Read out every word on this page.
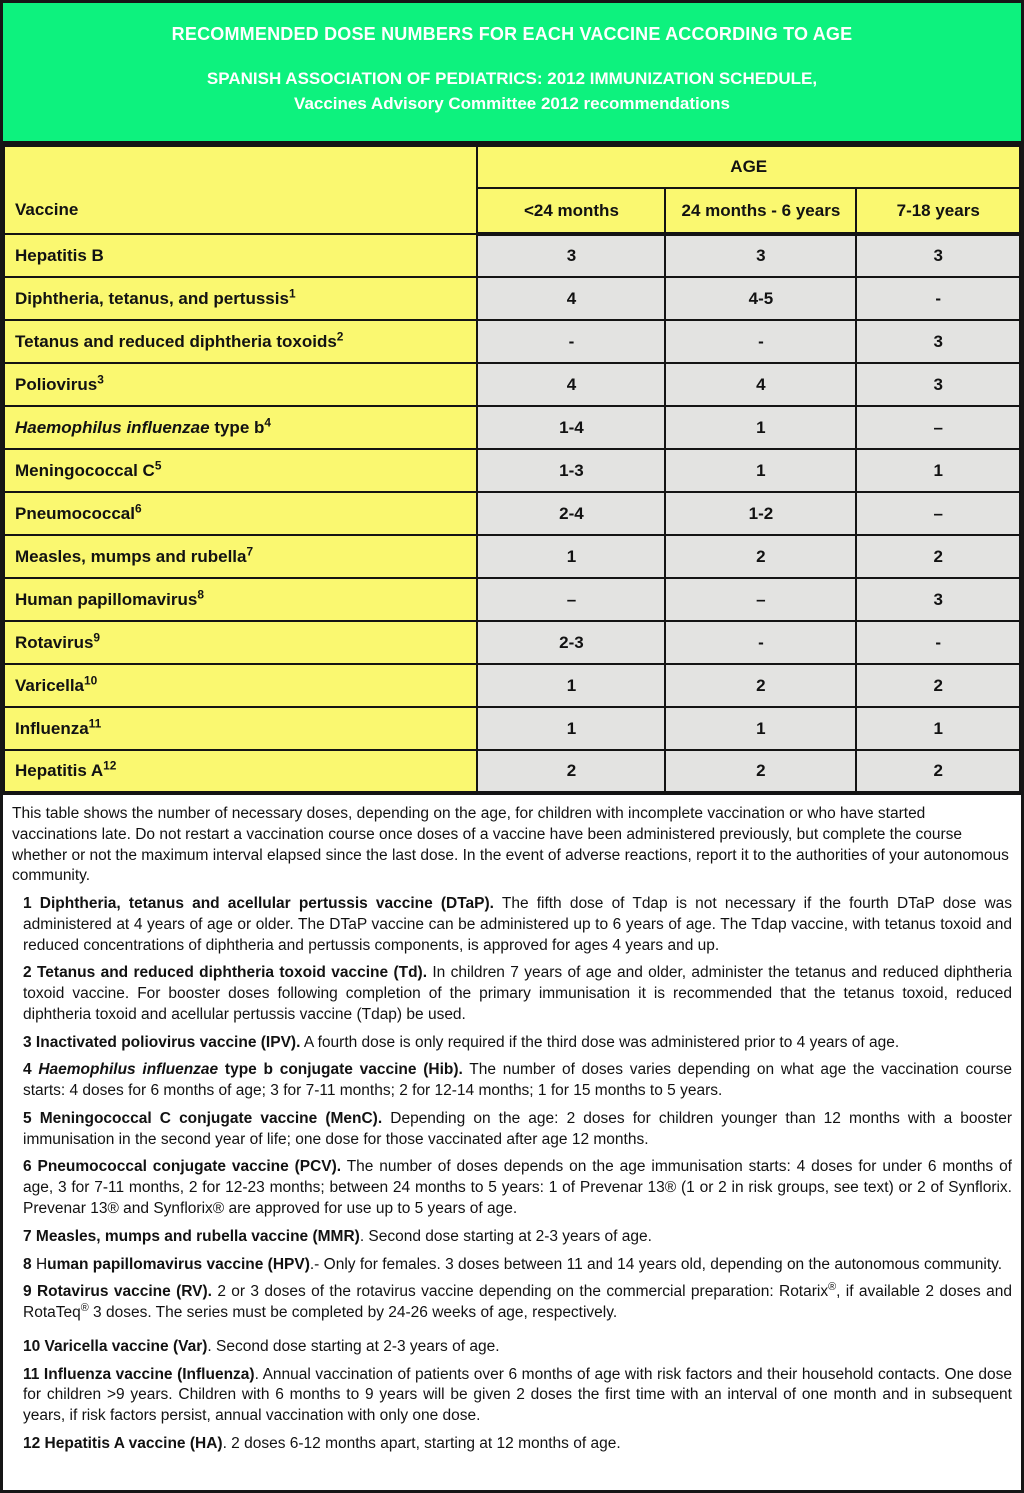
RECOMMENDED DOSE NUMBERS FOR EACH VACCINE ACCORDING TO AGE
SPANISH ASSOCIATION OF PEDIATRICS: 2012 IMMUNIZATION SCHEDULE,
Vaccines Advisory Committee 2012 recommendations
Vaccine	AGE		
	<24 months	24 months - 6 years	7-18 years
Hepatitis B	3	3	3
Diphtheria, tetanus, and pertussis$^1$	4	4-5	-
Tetanus and reduced diphtheria toxoids$^2$	-	-	3
Poliovirus$^3$	4	4	3
Haemophilus influenzae type $b^4$	1-4	1	–
Meningococcal $C^5$	1-3	1	1
Pneumococcal$^6$	2-4	1-2	–
Measles, mumps and rubella$^7$	1	2	2
Human papillomavirus$^8$	–	–	3
Rotavirus$^9$	2-3	-	-
Varicella$^{10}$	1	2	2
Influenza$^{11}$	1	1	1
Hepatitis $A^{12}$	2	2	2

This table shows the number of necessary doses, depending on the age, for children with incomplete vaccination or who have started vaccinations late. Do not restart a vaccination course once doses of a vaccine have been administered previously, but complete the course whether or not the maximum interval elapsed since the last dose. In the event of adverse reactions, report it to the authorities of your autonomous community.

1 Diphtheria, tetanus and acellular pertussis vaccine (DTaP). The fifth dose of Tdap is not necessary if the fourth DTaP dose was administered at 4 years of age or older. The DTaP vaccine can be administered up to 6 years of age. The Tdap vaccine, with tetanus toxoid and reduced concentrations of diphtheria and pertussis components, is approved for ages 4 years and up.

2 Tetanus and reduced diphtheria toxoid vaccine (Td). In children 7 years of age and older, administer the tetanus and reduced diphtheria toxoid vaccine. For booster doses following completion of the primary immunisation it is recommended that the tetanus toxoid, reduced diphtheria toxoid and acellular pertussis vaccine (Tdap) be used.

3 Inactivated poliovirus vaccine (IPV). A fourth dose is only required if the third dose was administered prior to 4 years of age.

4 Haemophilus influenzae type b conjugate vaccine (Hib). The number of doses varies depending on what age the vaccination course starts: 4 doses for 6 months of age; 3 for 7-11 months; 2 for 12-14 months; 1 for 15 months to 5 years.

5 Meningococcal C conjugate vaccine (MenC). Depending on the age: 2 doses for children younger than 12 months with a booster immunisation in the second year of life; one dose for those vaccinated after age 12 months.

6 Pneumococcal conjugate vaccine (PCV). The number of doses depends on the age immunisation starts: 4 doses for under 6 months of age, 3 for 7-11 months, 2 for 12-23 months; between 24 months to 5 years: 1 of Prevenar 13® (1 or 2 in risk groups, see text) or 2 of Synflorix. Prevenar 13® and Synflorix® are approved for use up to 5 years of age.

7 Measles, mumps and rubella vaccine (MMR). Second dose starting at 2-3 years of age.

8 Human papillomavirus vaccine (HPV).- Only for females. 3 doses between 11 and 14 years old, depending on the autonomous community.

9 Rotavirus vaccine (RV). 2 or 3 doses of the rotavirus vaccine depending on the commercial preparation: Rotarix®, if available 2 doses and RotaTeq® 3 doses. The series must be completed by 24-26 weeks of age, respectively.

10 Varicella vaccine (Var). Second dose starting at 2-3 years of age.

11 Influenza vaccine (Influenza). Annual vaccination of patients over 6 months of age with risk factors and their household contacts. One dose for children >9 years. Children with 6 months to 9 years will be given 2 doses the first time with an interval of one month and in subsequent years, if risk factors persist, annual vaccination with only one dose.

12 Hepatitis A vaccine (HA). 2 doses 6-12 months apart, starting at 12 months of age.
